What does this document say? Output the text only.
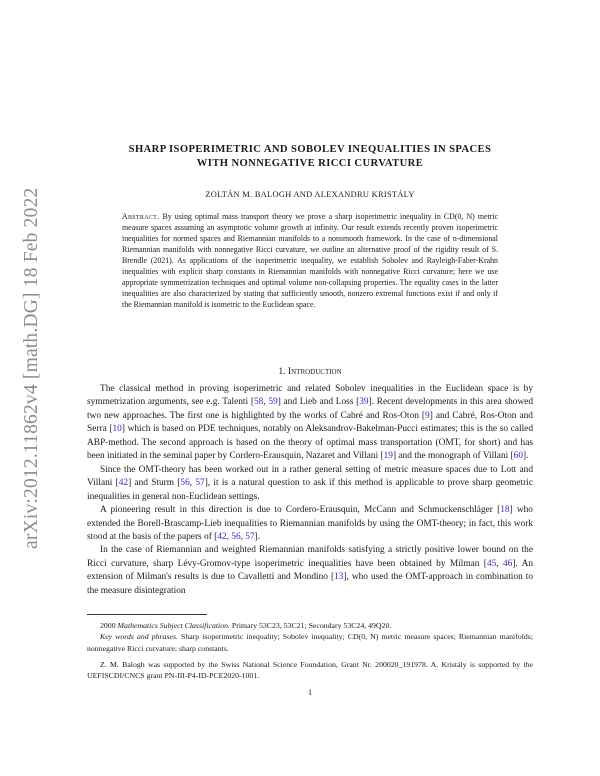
arXiv:2012.11862v4 [math.DG] 18 Feb 2022
SHARP ISOPERIMETRIC AND SOBOLEV INEQUALITIES IN SPACES
WITH NONNEGATIVE RICCI CURVATURE
ZOLTÁN M. BALOGH AND ALEXANDRU KRISTÁLY
Abstract. By using optimal mass transport theory we prove a sharp isoperimetric inequality in CD(0, N) metric measure spaces assuming an asymptotic volume growth at infinity. Our result extends recently proven isoperimetric inequalities for normed spaces and Riemannian manifolds to a nonsmooth framework. In the case of n-dimensional Riemannian manifolds with nonnegative Ricci curvature, we outline an alternative proof of the rigidity result of S. Brendle (2021). As applications of the isoperimetric inequality, we establish Sobolev and Rayleigh-Faber-Krahn inequalities with explicit sharp constants in Riemannian manifolds with nonnegative Ricci curvature; here we use appropriate symmetrization techniques and optimal volume non-collapsing properties. The equality cases in the latter inequalities are also characterized by stating that sufficiently smooth, nonzero extremal functions exist if and only if the Riemannian manifold is isometric to the Euclidean space.
1. Introduction

The classical method in proving isoperimetric and related Sobolev inequalities in the Euclidean space is by symmetrization arguments, see e.g. Talenti [58, 59] and Lieb and Loss [39]. Recent developments in this area showed two new approaches. The first one is highlighted by the works of Cabré and Ros-Oton [9] and Cabré, Ros-Oton and Serra [10] which is based on PDE techniques, notably on Aleksandrov-Bakelman-Pucci estimates; this is the so called ABP-method. The second approach is based on the theory of optimal mass transportation (OMT, for short) and has been initiated in the seminal paper by Cordero-Erausquin, Nazaret and Villani [19] and the monograph of Villani [60].

Since the OMT-theory has been worked out in a rather general setting of metric measure spaces due to Lott and Villani [42] and Sturm [56, 57], it is a natural question to ask if this method is applicable to prove sharp geometric inequalities in general non-Euclidean settings.

A pioneering result in this direction is due to Cordero-Erausquin, McCann and Schmuckenschläger [18] who extended the Borell-Brascamp-Lieb inequalities to Riemannian manifolds by using the OMT-theory; in fact, this work stood at the basis of the papers of [42, 56, 57].

In the case of Riemannian and weighted Riemannian manifolds satisfying a strictly positive lower bound on the Ricci curvature, sharp Lévy-Gromov-type isoperimetric inequalities have been obtained by Milman [45, 46]. An extension of Milman's results is due to Cavalletti and Mondino [13], who used the OMT-approach in combination to the measure disintegration

2000 Mathematics Subject Classification. Primary 53C23, 53C21; Secondary 53C24, 49Q20.

Key words and phrases. Sharp isoperimetric inequality; Sobolev inequality; CD(0, N) metric measure spaces; Riemannian manifolds; nonnegative Ricci curvature; sharp constants.

Z. M. Balogh was supported by the Swiss National Science Foundation, Grant Nr. 200020_191978. A. Kristály is supported by the UEFISCDI/CNCS grant PN-III-P4-ID-PCE2020-1001.

1
